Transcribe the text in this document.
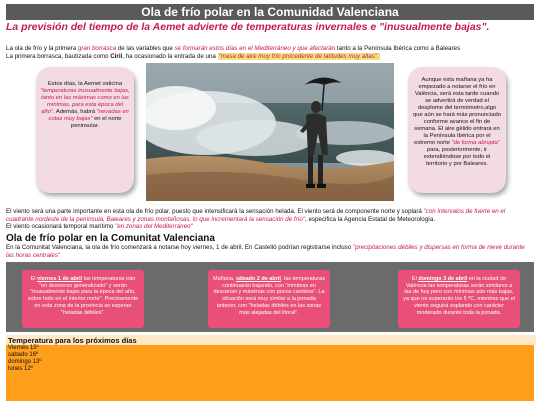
Ola de frío polar en la Comunidad Valenciana
La previsión del tiempo de la Aemet advierte de temperaturas invernales e "inusualmente bajas".
La ola de frío y la primera gran borrasca de las variables que se formarán estos días en el Mediterráneo y que afectarán tanto a la Península Ibérica como a Baleares
La primera borrasca, bautizada como Ciril, ha ocasionado la entrada de una "masa de aire muy frío procedente de latitudes muy altas".
Estos días, la Aemet vaticina "temperaturas inusualmente bajas, tanto en las máximas como en las mínimas, para esta época del año". Además, habrá "nevadas en cotas muy bajas" en el norte peninsular.
Aunque esta mañana ya ha empezado a notarse el frío en València, será esta tarde cuando se advertirá de verdad el desplome del termómetro,algo que aún se hará más pronunciado conforme avance el fin de semana. El aire gélido entrará en la Península Ibérica por el extremo norte "de forma abrupta" para, posteriormente, ir extendiéndose por todo el territorio y por Baleares.
El viento será una parte importante en esta ola de frío polar, puesto que intensificará la sensación helada. El viento será de componente norte y soplará "con intervalos de fuerte en el cuadrante nordeste de la península, Baleares y zonas montañosas, lo que incrementará la sensación de frío", especifica la Agencia Estatal de Meteorología.
El viento ocasionará temporal marítimo "en zonas del Mediterráneo"
Ola de frío polar en la Comunitat Valenciana
En la Comunitat Valenciana, la ola de frío comenzará a notarse hoy viernes, 1 de abril. En Castelló podrían registrarse incluso "precipitaciones débiles y dispersas en forma de nieve durante las horas centrales"
El viernes 1 de abril las temperaturas irán "en descenso generalizado" y serán "inusualmente bajas para la época del año, sobre todo en el interior norte". Precisamente en esta zona de la provincia se esperan "heladas débiles".
Mañana, sábado 2 de abril, las temperaturas continuarán bajando, con "mínimas en descenso y máximas con pocos cambios". La situación será muy similar a la jornada anterior, con "heladas débiles en las zonas más alejadas del litoral".
El domingo 3 de abril en la ciudad de València las temperaturas serán similares a las de hoy pero con mínimas aún más bajas, ya que no superarán los 5 ºC, mientras que el viento seguirá soplando con carácter moderado durante toda la jornada.
Temperatura para los próximos días
Viernes 15º
sabado 16º
domingo 13º
lunes 12º
